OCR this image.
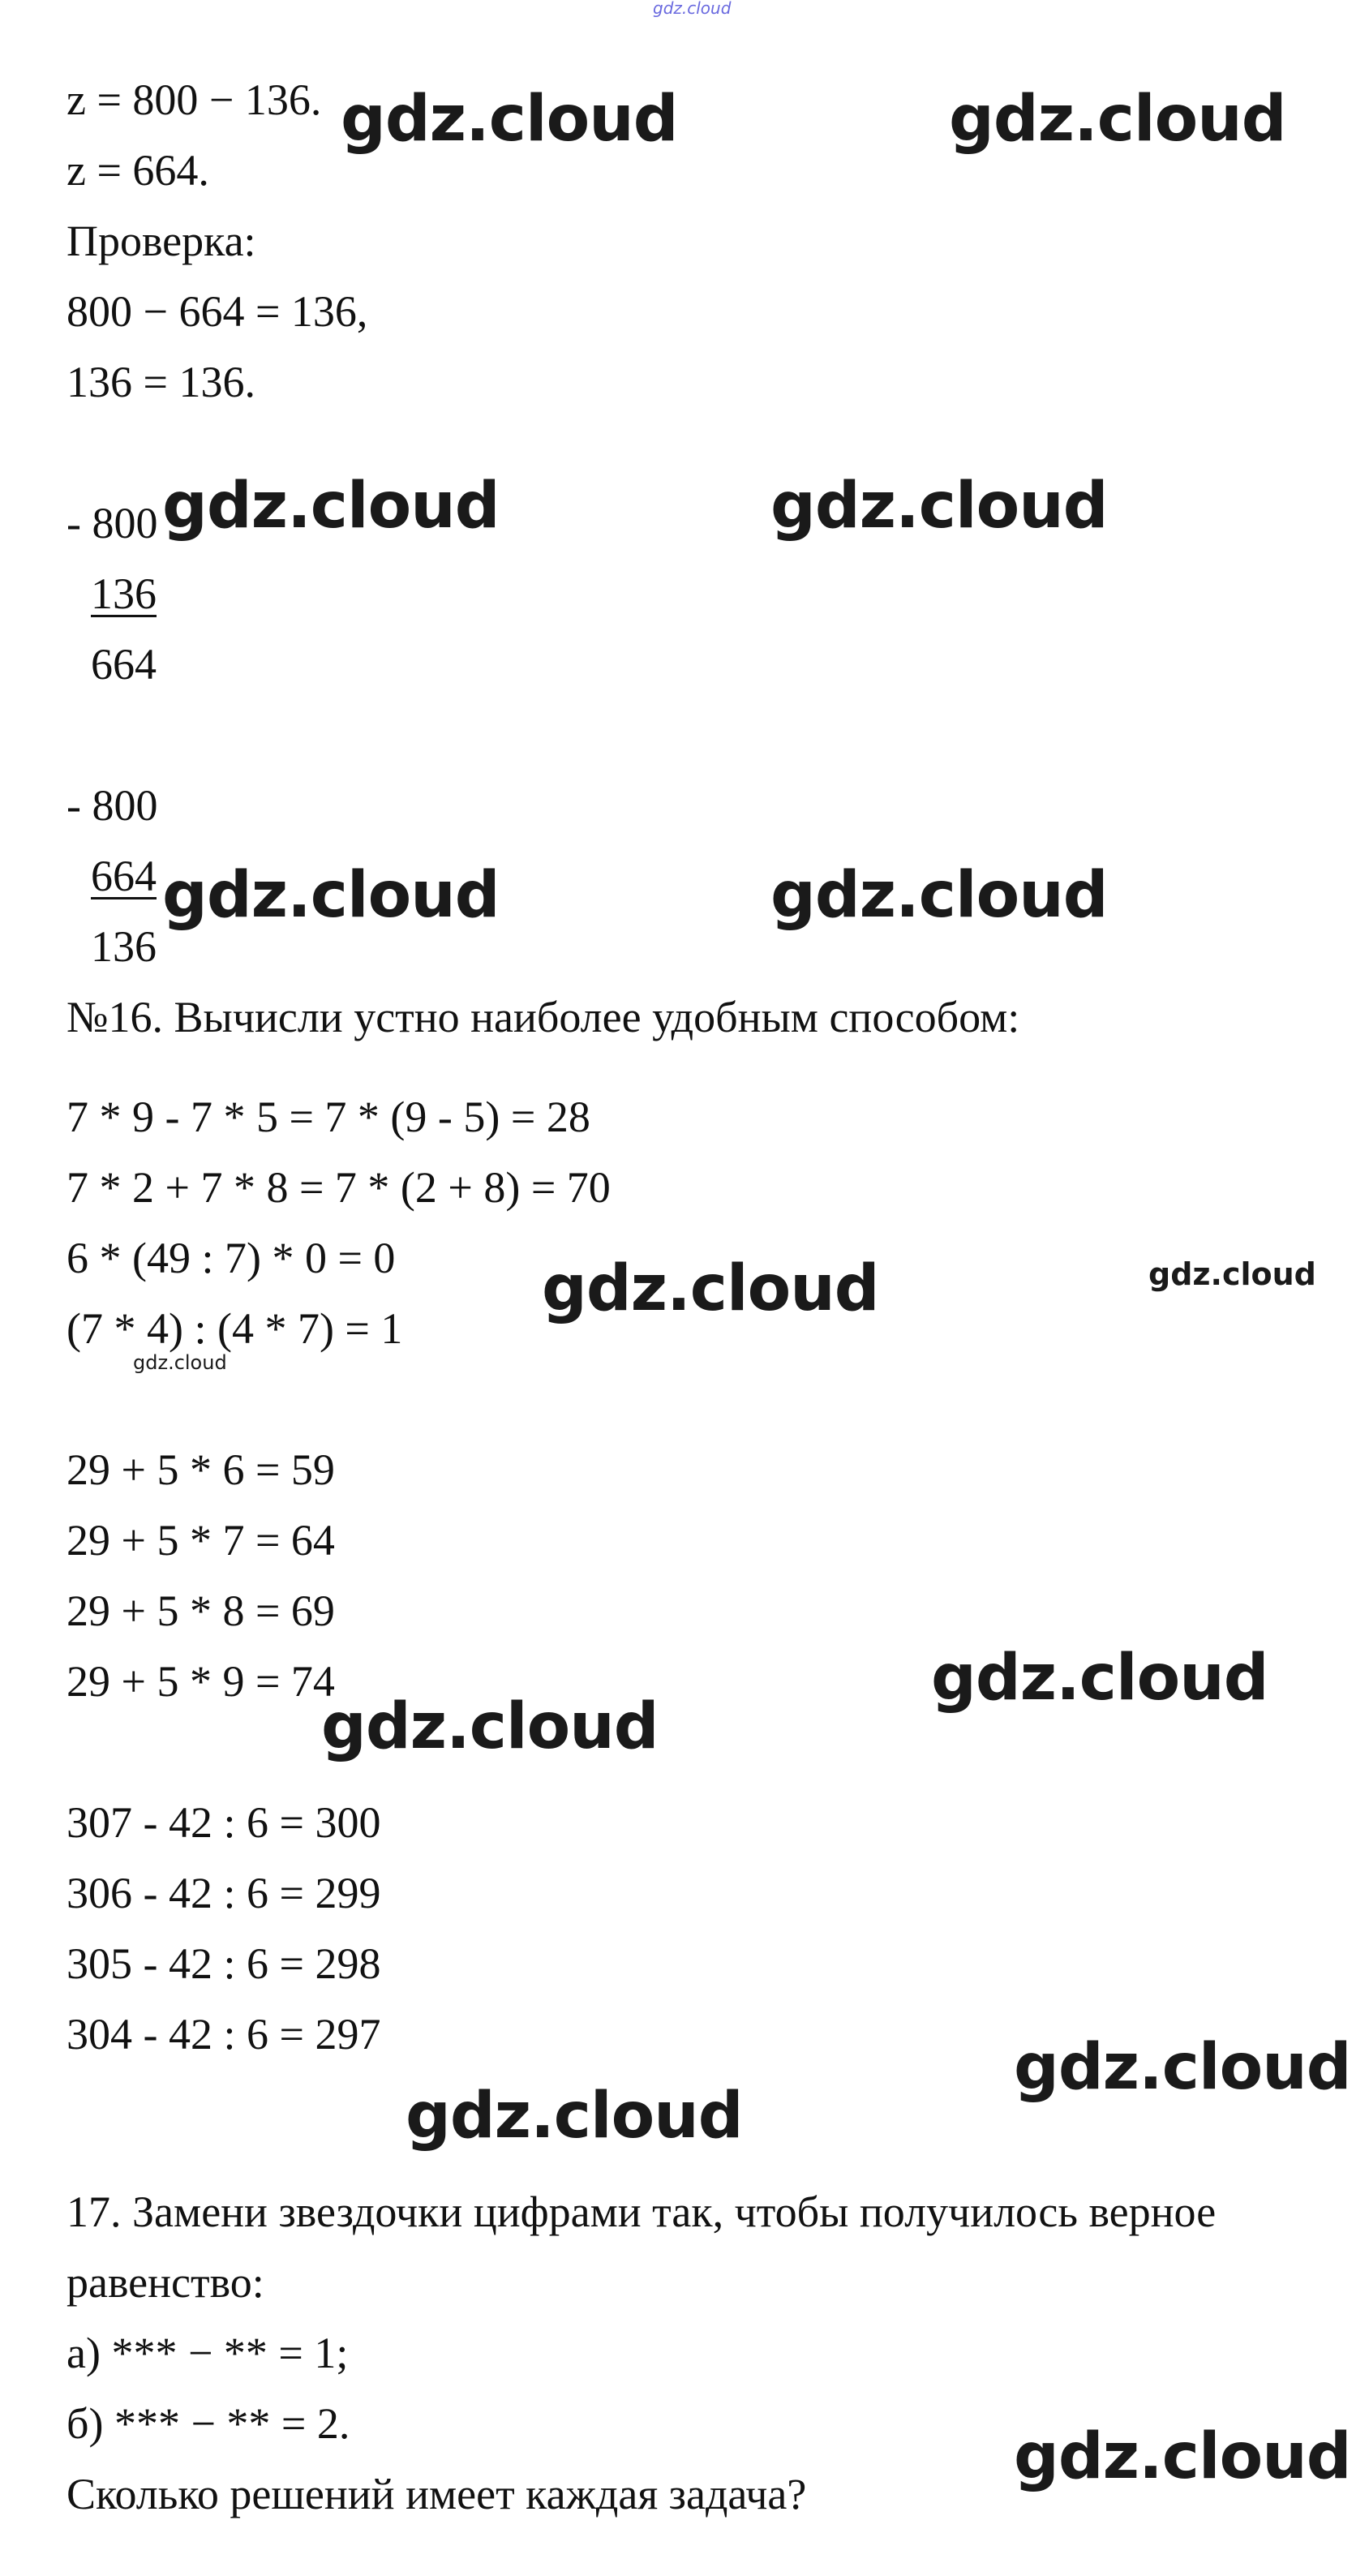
gdz.cloud
z = 800 − 136.
z = 664.
Проверка:
800 − 664 = 136,
136 = 136.
- 800
136
664
- 800
664
136
№16. Вычисли устно наиболее удобным способом:
7 * 9 - 7 * 5 = 7 * (9 - 5) = 28
7 * 2 + 7 * 8 = 7 * (2 + 8) = 70
6 * (49 : 7) * 0 = 0
(7 * 4) : (4 * 7) = 1
29 + 5 * 6 = 59
29 + 5 * 7 = 64
29 + 5 * 8 = 69
29 + 5 * 9 = 74
307 - 42 : 6 = 300
306 - 42 : 6 = 299
305 - 42 : 6 = 298
304 - 42 : 6 = 297
17. Замени звездочки цифрами так, чтобы получилось верное
равенство:
а) *** − ** = 1;
б) *** − ** = 2.
Сколько решений имеет каждая задача?
gdz.cloud	gdz.cloud
gdz.cloud	gdz.cloud
gdz.cloud	gdz.cloud
gdz.cloud	gdz.cloud
gdz.cloud
gdz.cloud
gdz.cloud
gdz.cloud
gdz.cloud
gdz.cloud
